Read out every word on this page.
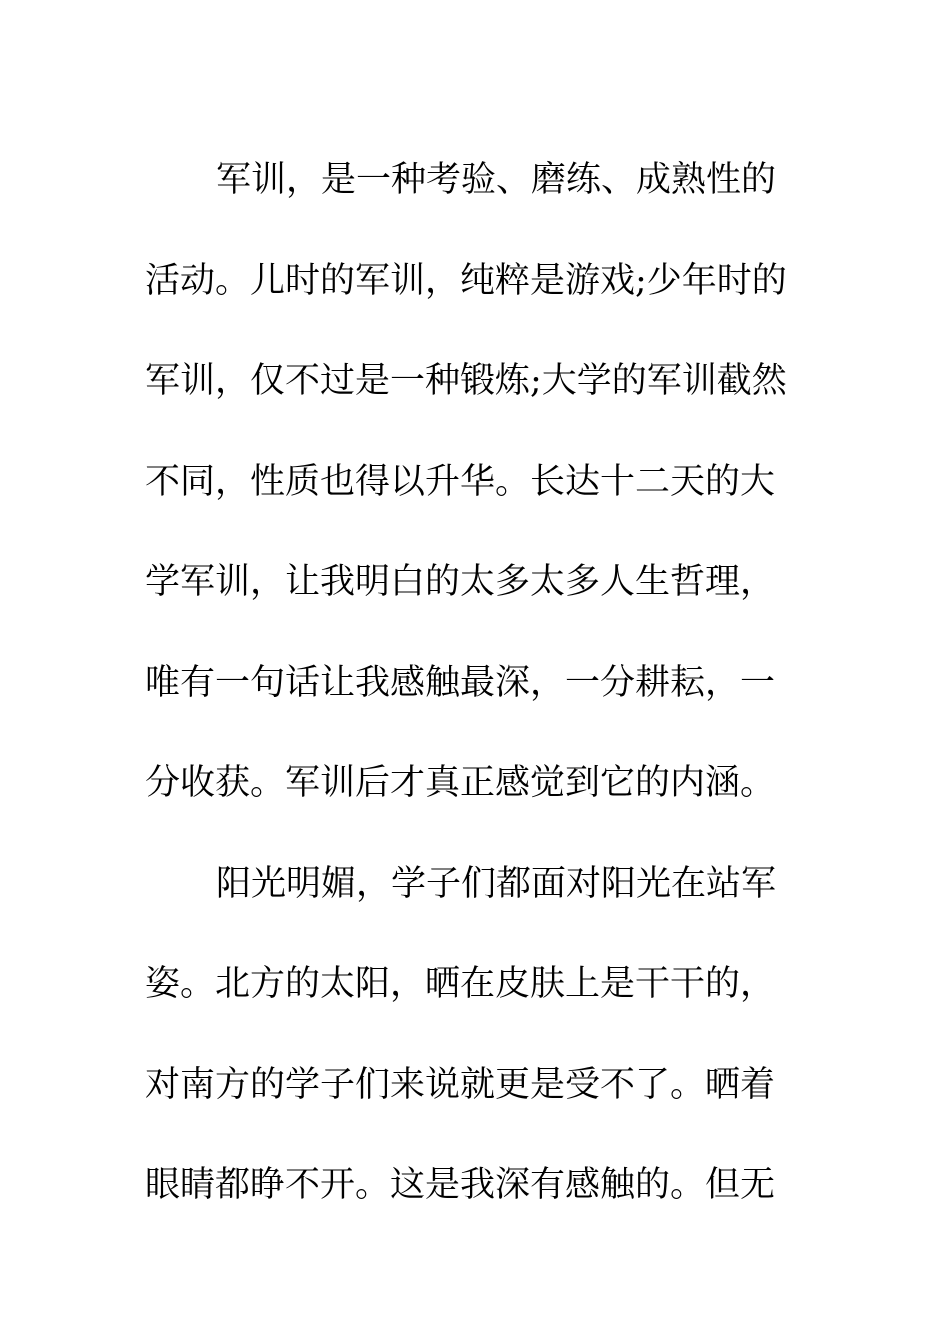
军训，是一种考验、磨练、成熟性的
活动。儿时的军训，纯粹是游戏;少年时的
军训，仅不过是一种锻炼;大学的军训截然
不同，性质也得以升华。长达十二天的大
学军训，让我明白的太多太多人生哲理，
唯有一句话让我感触最深，一分耕耘，一
分收获。军训后才真正感觉到它的内涵。
阳光明媚，学子们都面对阳光在站军
姿。北方的太阳，晒在皮肤上是干干的，
对南方的学子们来说就更是受不了。晒着
眼睛都睁不开。这是我深有感触的。但无
